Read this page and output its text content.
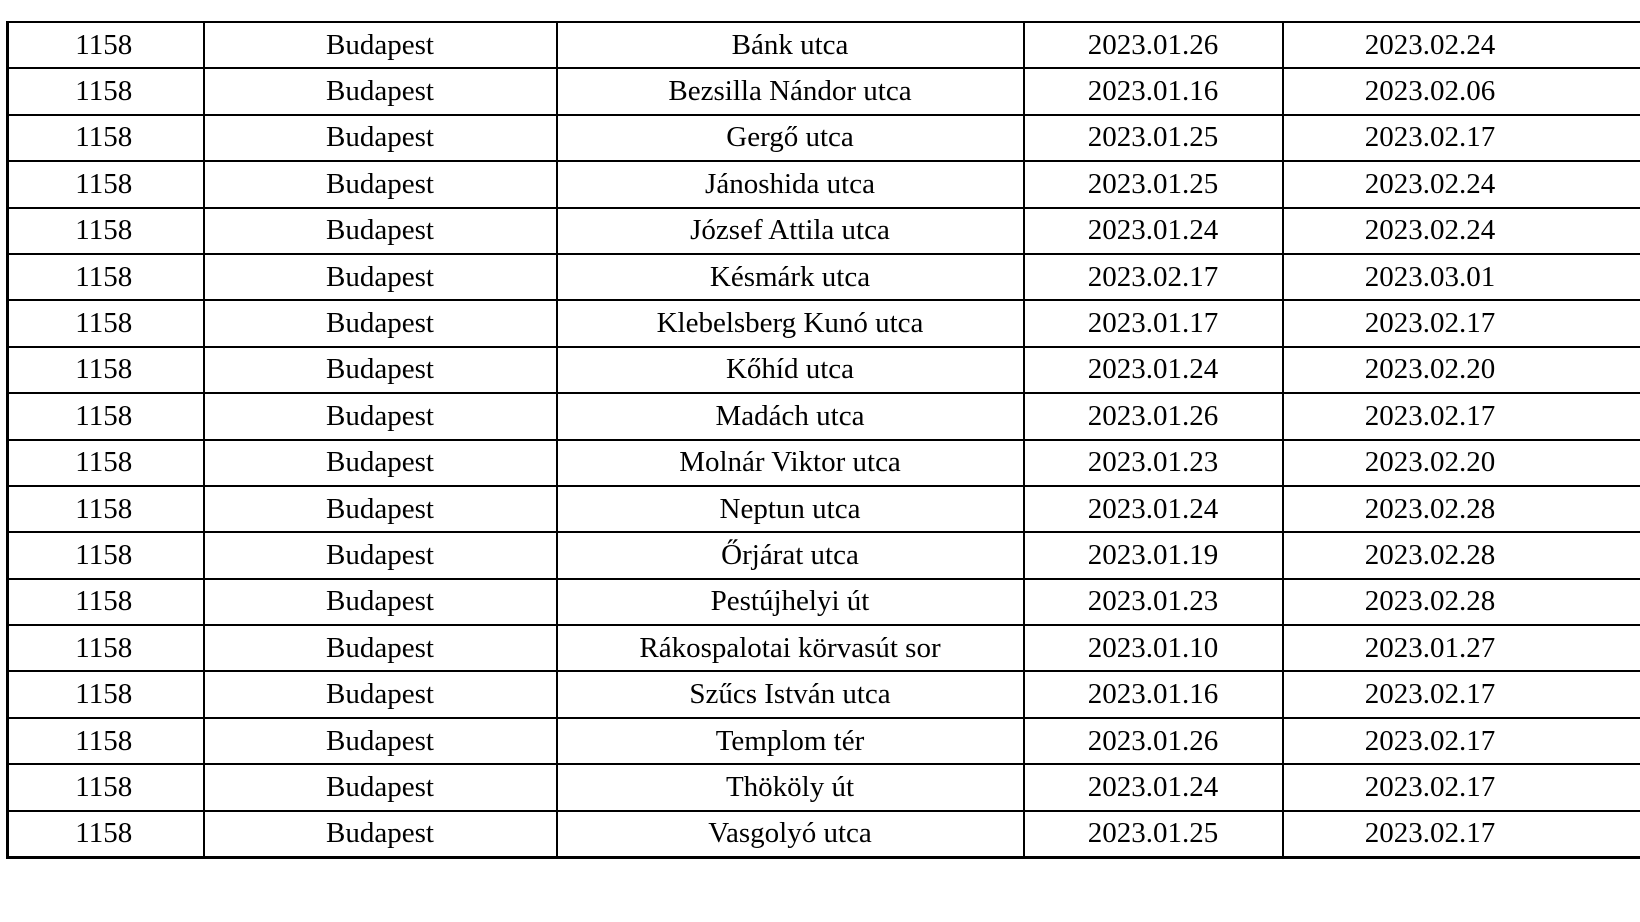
1158	Budapest	Bánk utca	2023.01.26	2023.02.24
1158	Budapest	Bezsilla Nándor utca	2023.01.16	2023.02.06
1158	Budapest	Gergő utca	2023.01.25	2023.02.17
1158	Budapest	Jánoshida utca	2023.01.25	2023.02.24
1158	Budapest	József Attila utca	2023.01.24	2023.02.24
1158	Budapest	Késmárk utca	2023.02.17	2023.03.01
1158	Budapest	Klebelsberg Kunó utca	2023.01.17	2023.02.17
1158	Budapest	Kőhíd utca	2023.01.24	2023.02.20
1158	Budapest	Madách utca	2023.01.26	2023.02.17
1158	Budapest	Molnár Viktor utca	2023.01.23	2023.02.20
1158	Budapest	Neptun utca	2023.01.24	2023.02.28
1158	Budapest	Őrjárat utca	2023.01.19	2023.02.28
1158	Budapest	Pestújhelyi út	2023.01.23	2023.02.28
1158	Budapest	Rákospalotai körvasút sor	2023.01.10	2023.01.27
1158	Budapest	Szűcs István utca	2023.01.16	2023.02.17
1158	Budapest	Templom tér	2023.01.26	2023.02.17
1158	Budapest	Thököly út	2023.01.24	2023.02.17
1158	Budapest	Vasgolyó utca	2023.01.25	2023.02.17
